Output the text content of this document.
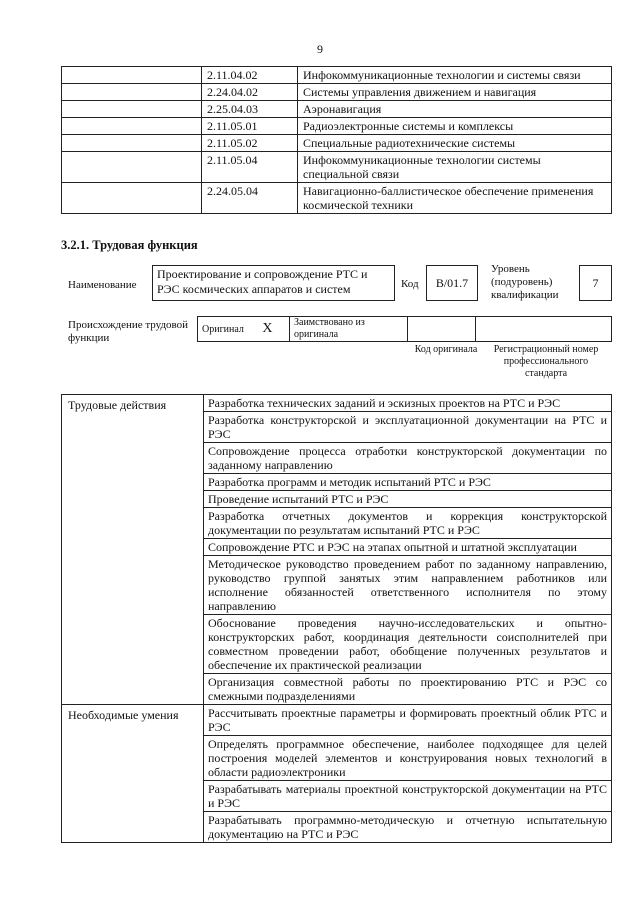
9
	2.11.04.02	Инфокоммуникационные технологии и системы связи
	2.24.04.02	Системы управления движением и навигация
	2.25.04.03	Аэронавигация
	2.11.05.01	Радиоэлектронные системы и комплексы
	2.11.05.02	Специальные радиотехнические системы
	2.11.05.04	Инфокоммуникационные технологии системы специальной связи
	2.24.05.04	Навигационно-баллистическое обеспечение применения космической техники
3.2.1. Трудовая функция
Наименование
Проектирование и сопровождение РТС и РЭС космических аппаратов и систем	Код	B/01.7
Уровень (подуровень) квалификации
7
Происхождение трудовой функции
Оригинал X	Заимствовано из оригинала		
Код оригинала	Регистрационный номер профессионального стандарта
Трудовые действия	Разработка технических заданий и эскизных проектов на РТС и РЭС
	Разработка конструкторской и эксплуатационной документации на РТС и РЭС
	Сопровождение процесса отработки конструкторской документации по заданному направлению
	Разработка программ и методик испытаний РТС и РЭС
	Проведение испытаний РТС и РЭС
	Разработка отчетных документов и коррекция конструкторской документации по результатам испытаний РТС и РЭС
	Сопровождение РТС и РЭС на этапах опытной и штатной эксплуатации
	Методическое руководство проведением работ по заданному направлению, руководство группой занятых этим направлением работников или исполнение обязанностей ответственного исполнителя по этому направлению
	Обоснование проведения научно-исследовательских и опытно-конструкторских работ, координация деятельности соисполнителей при совместном проведении работ, обобщение полученных результатов и обеспечение их практической реализации
	Организация совместной работы по проектированию РТС и РЭС со смежными подразделениями
Необходимые умения	Рассчитывать проектные параметры и формировать проектный облик РТС и РЭС
	Определять программное обеспечение, наиболее подходящее для целей построения моделей элементов и конструирования новых технологий в области радиоэлектроники
	Разрабатывать материалы проектной конструкторской документации на РТС и РЭС
	Разрабатывать программно-методическую и отчетную испытательную документацию на РТС и РЭС
